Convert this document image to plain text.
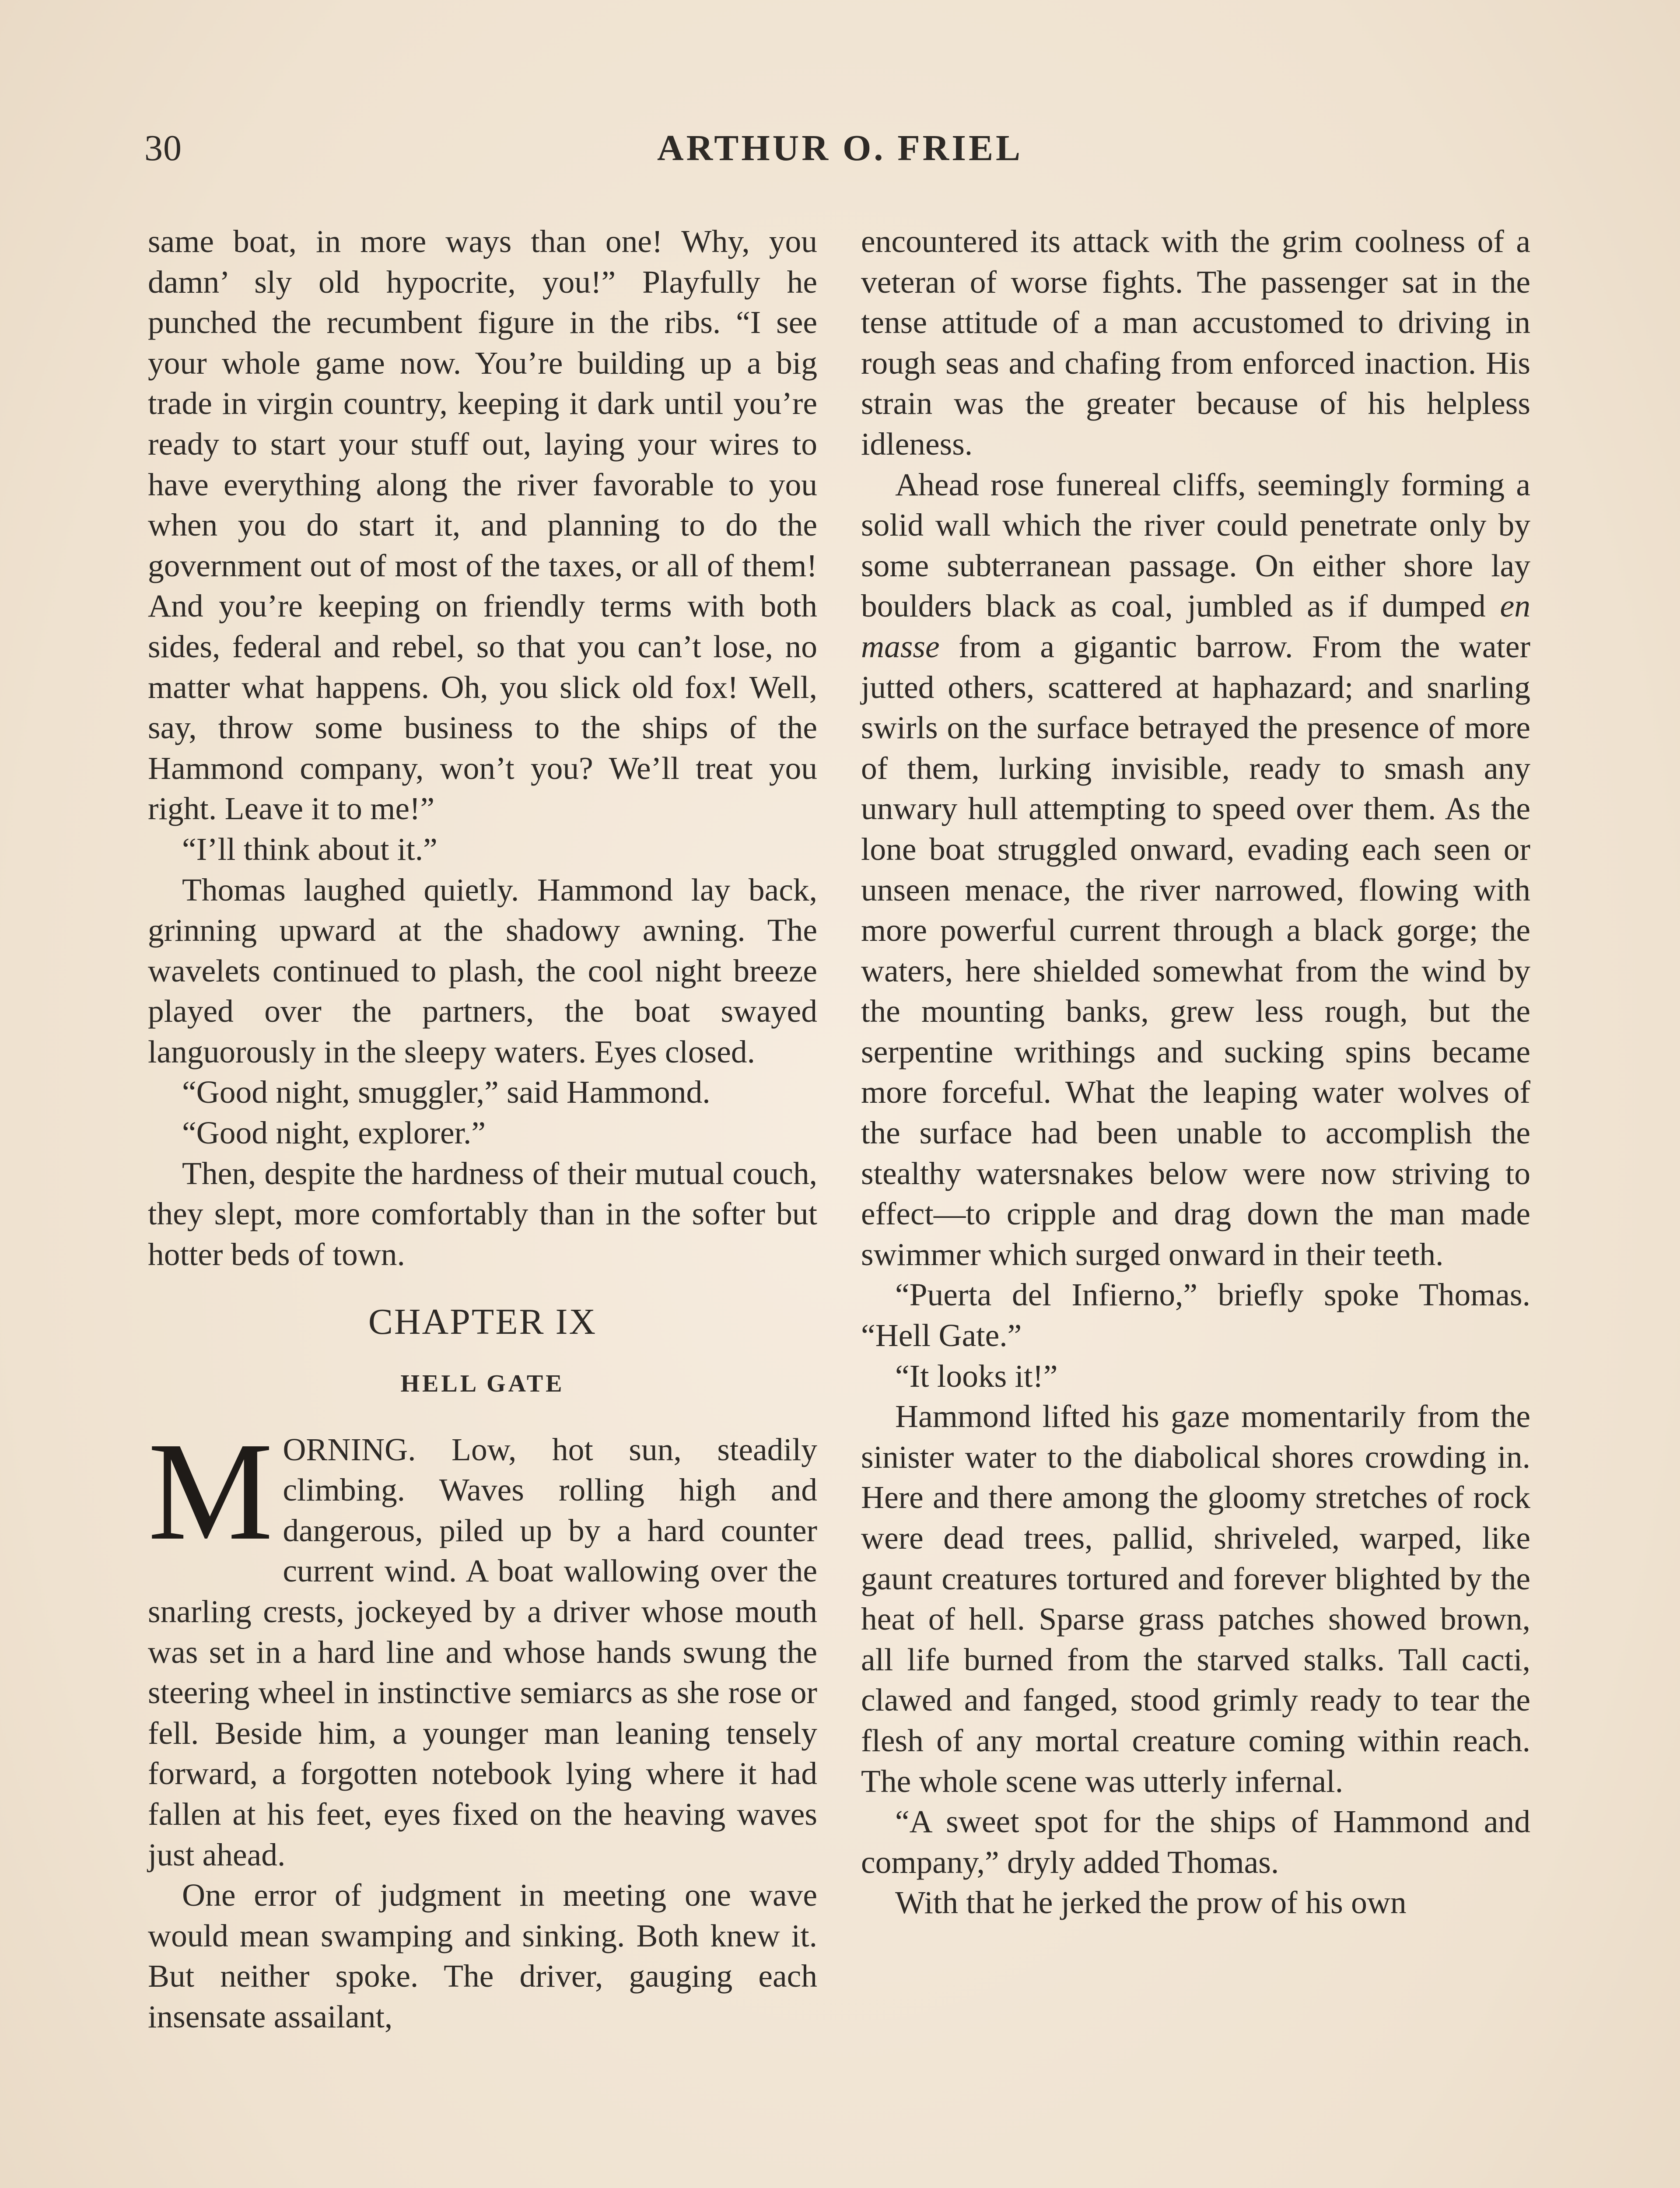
30	ARTHUR O. FRIEL

same boat, in more ways than one! Why, you damn’ sly old hypocrite, you!” Playfully he punched the recumbent figure in the ribs. “I see your whole game now. You’re building up a big trade in virgin country, keeping it dark until you’re ready to start your stuff out, laying your wires to have everything along the river favorable to you when you do start it, and planning to do the government out of most of the taxes, or all of them! And you’re keeping on friendly terms with both sides, federal and rebel, so that you can’t lose, no matter what happens. Oh, you slick old fox! Well, say, throw some business to the ships of the Hammond company, won’t you? We’ll treat you right. Leave it to me!”

“I’ll think about it.”

Thomas laughed quietly. Hammond lay back, grinning upward at the shadowy awning. The wavelets continued to plash, the cool night breeze played over the partners, the boat swayed languorously in the sleepy waters. Eyes closed.

“Good night, smuggler,” said Hammond.

“Good night, explorer.”

Then, despite the hardness of their mutual couch, they slept, more comfortably than in the softer but hotter beds of town.

CHAPTER IX
HELL GATE

MORNING. Low, hot sun, steadily climbing. Waves rolling high and dangerous, piled up by a hard counter current wind. A boat wallowing over the snarling crests, jockeyed by a driver whose mouth was set in a hard line and whose hands swung the steering wheel in instinctive semiarcs as she rose or fell. Beside him, a younger man leaning tensely forward, a forgotten notebook lying where it had fallen at his feet, eyes fixed on the heaving waves just ahead.

One error of judgment in meeting one wave would mean swamping and sinking. Both knew it. But neither spoke. The driver, gauging each insensate assailant,

encountered its attack with the grim coolness of a veteran of worse fights. The passenger sat in the tense attitude of a man accustomed to driving in rough seas and chafing from enforced inaction. His strain was the greater because of his helpless idleness.

Ahead rose funereal cliffs, seemingly forming a solid wall which the river could penetrate only by some subterranean passage. On either shore lay boulders black as coal, jumbled as if dumped en masse from a gigantic barrow. From the water jutted others, scattered at haphazard; and snarling swirls on the surface betrayed the presence of more of them, lurking invisible, ready to smash any unwary hull attempting to speed over them. As the lone boat struggled onward, evading each seen or unseen menace, the river narrowed, flowing with more powerful current through a black gorge; the waters, here shielded somewhat from the wind by the mounting banks, grew less rough, but the serpentine writhings and sucking spins became more forceful. What the leaping water wolves of the surface had been unable to accomplish the stealthy watersnakes below were now striving to effect—to cripple and drag down the man made swimmer which surged onward in their teeth.

“Puerta del Infierno,” briefly spoke Thomas. “Hell Gate.”

“It looks it!”

Hammond lifted his gaze momentarily from the sinister water to the diabolical shores crowding in. Here and there among the gloomy stretches of rock were dead trees, pallid, shriveled, warped, like gaunt creatures tortured and forever blighted by the heat of hell. Sparse grass patches showed brown, all life burned from the starved stalks. Tall cacti, clawed and fanged, stood grimly ready to tear the flesh of any mortal creature coming within reach. The whole scene was utterly infernal.

“A sweet spot for the ships of Hammond and company,” dryly added Thomas.

With that he jerked the prow of his own
